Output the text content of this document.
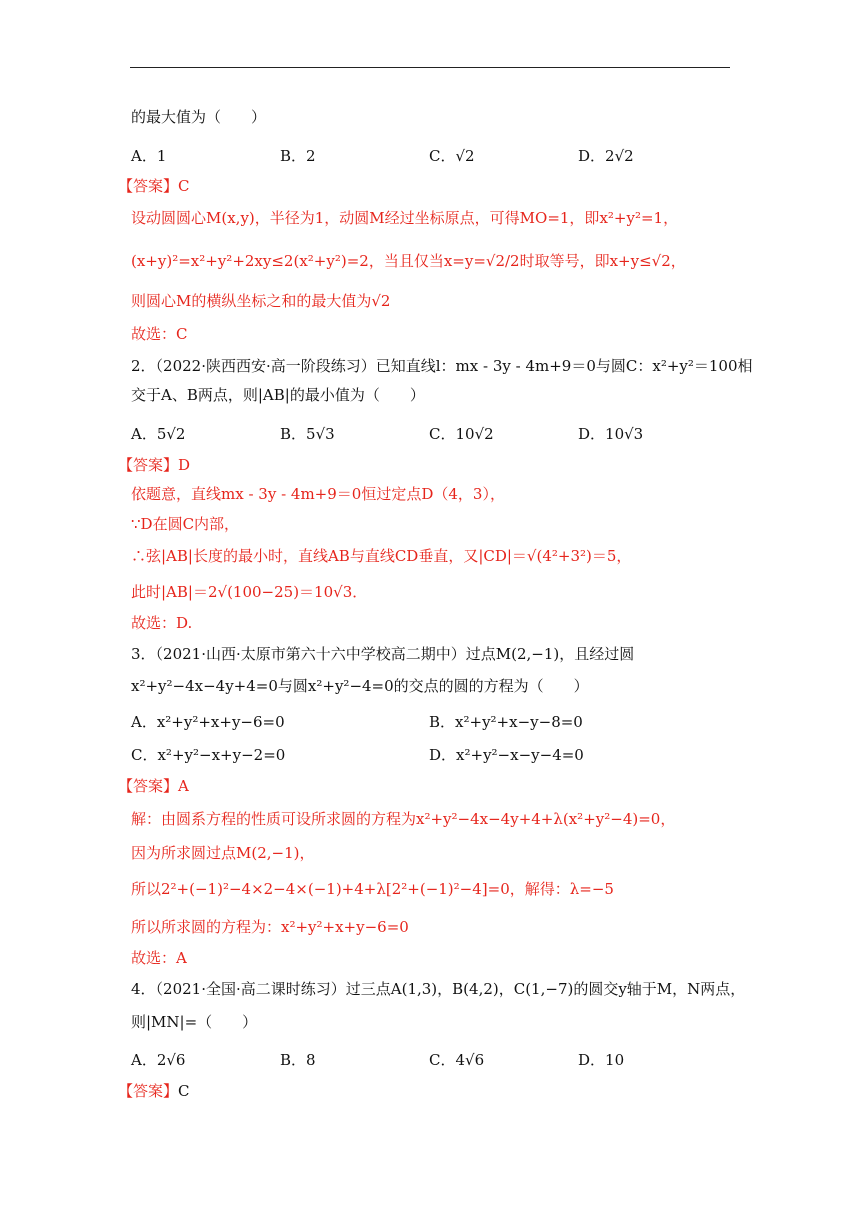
的最大值为（　　）
A．1	B．2	C．√2	D．2√2
【答案】C
设动圆圆心M(x,y)，半径为1，动圆M经过坐标原点，可得MO=1，即x²+y²=1，
(x+y)²=x²+y²+2xy≤2(x²+y²)=2，当且仅当x=y=√2/2时取等号，即x+y≤√2，
则圆心M的横纵坐标之和的最大值为√2
故选：C
2．（2022·陕西西安·高一阶段练习）已知直线l：mx - 3y - 4m+9＝0与圆C：x²+y²＝100相
交于A、B两点，则|AB|的最小值为（　　）
A．5√2	B．5√3	C．10√2	D．10√3
【答案】D
依题意，直线mx - 3y - 4m+9＝0恒过定点D（4，3），
∵D在圆C内部，
∴弦|AB|长度的最小时，直线AB与直线CD垂直，又|CD|＝√(4²+3²)＝5，
此时|AB|＝2√(100−25)＝10√3．
故选：D.
3．（2021·山西·太原市第六十六中学校高二期中）过点M(2,−1)，且经过圆
x²+y²−4x−4y+4=0与圆x²+y²−4=0的交点的圆的方程为（　　）
A．x²+y²+x+y−6=0	B．x²+y²+x−y−8=0
C．x²+y²−x+y−2=0	D．x²+y²−x−y−4=0
【答案】A
解：由圆系方程的性质可设所求圆的方程为x²+y²−4x−4y+4+λ(x²+y²−4)=0，
因为所求圆过点M(2,−1)，
所以2²+(−1)²−4×2−4×(−1)+4+λ[2²+(−1)²−4]=0，解得：λ=−5
所以所求圆的方程为：x²+y²+x+y−6=0
故选：A
4．（2021·全国·高二课时练习）过三点A(1,3)，B(4,2)，C(1,−7)的圆交y轴于M，N两点，
则|MN|=（　　）
A．2√6	B．8	C．4√6	D．10
【答案】C
